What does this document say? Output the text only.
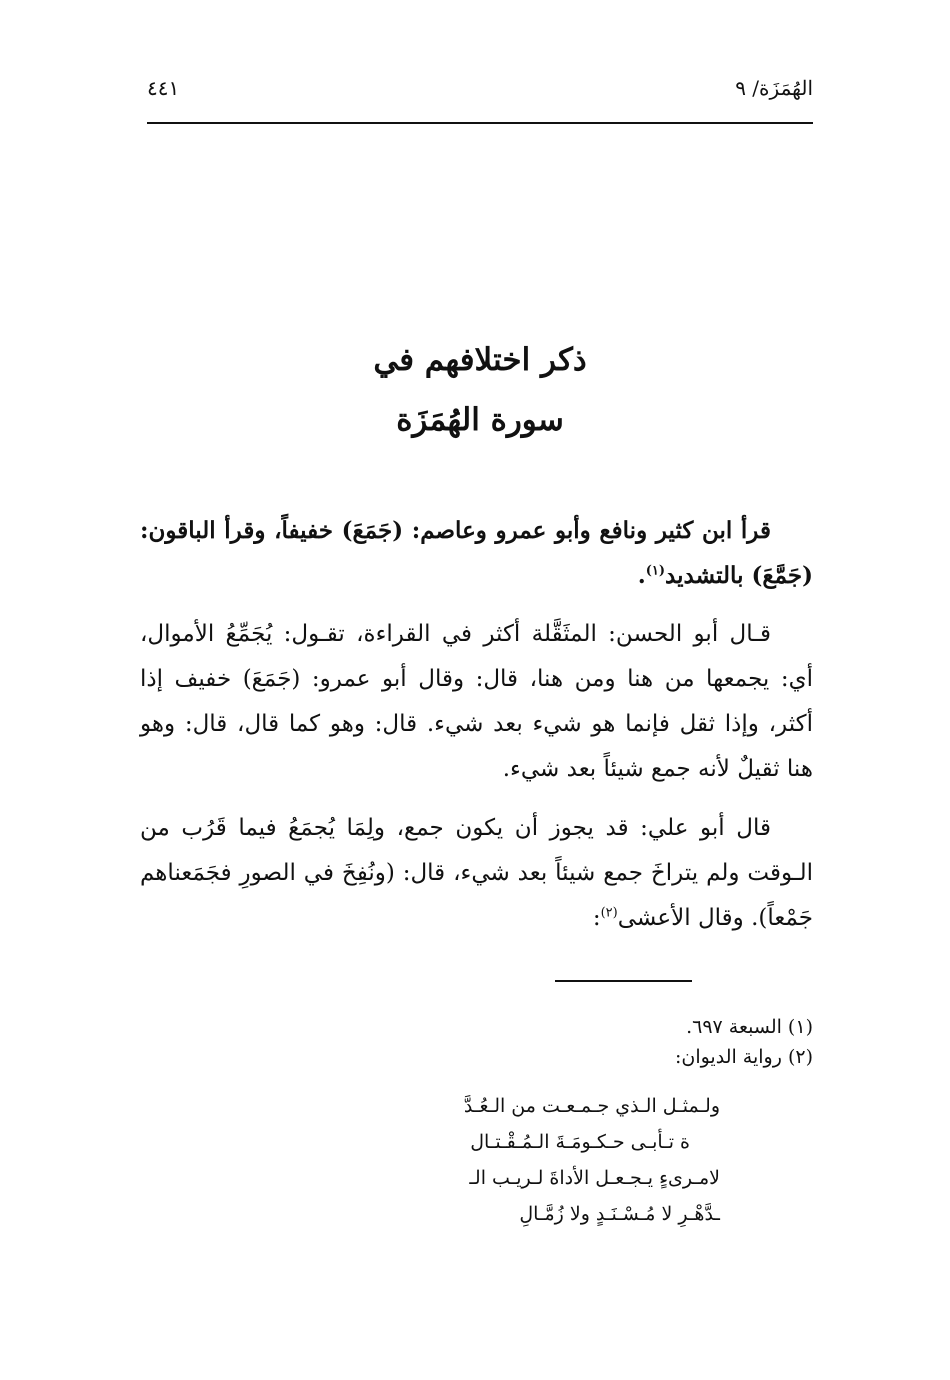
الهُمَزَة/ ٩
٤٤١
ذكر اختلافهم في
سورة الهُمَزَة

قرأ ابن كثير ونافع وأبو عمرو وعاصم: (جَمَعَ) خفيفاً، وقرأ الباقون: (جَمَّعَ) بالتشديد$^{(١)}$.

قـال أبو الحسن: المثَقَّلة أكثر في القراءة، تقـول: يُجَمِّعُ الأموال، أي: يجمعها من هنا ومن هنا، قال: وقال أبو عمرو: (جَمَعَ) خفيف إذا أكثر، وإذا ثقل فإنما هو شيء بعد شيء. قال: وهو كما قال، قال: وهو هنا ثقيلٌ لأنه جمع شيئاً بعد شيء.

قال أبو علي: قد يجوز أن يكون جمع، ولِمَا يُجمَعُ فيما قَرُب من الـوقت ولم يتراخَ جمع شيئاً بعد شيء، قال: (ونُفِخَ في الصورِ فجَمَعناهم جَمْعاً). وقال الأعشى$^{(٢)}$:

(١) السبعة ٦٩٧.

(٢) رواية الديوان:

ولـمثـل الـذي جـمـعـت من الـعُـدَّ
ة تـأبـى حـكـومَـةَ الـمُـقْـتـال
لامـرىءٍ يـجـعـل الأداةَ لـريـب الـ
ـدَّهْـرِ لا مُـسْـنَـدٍ ولا زُمَّـالِ
